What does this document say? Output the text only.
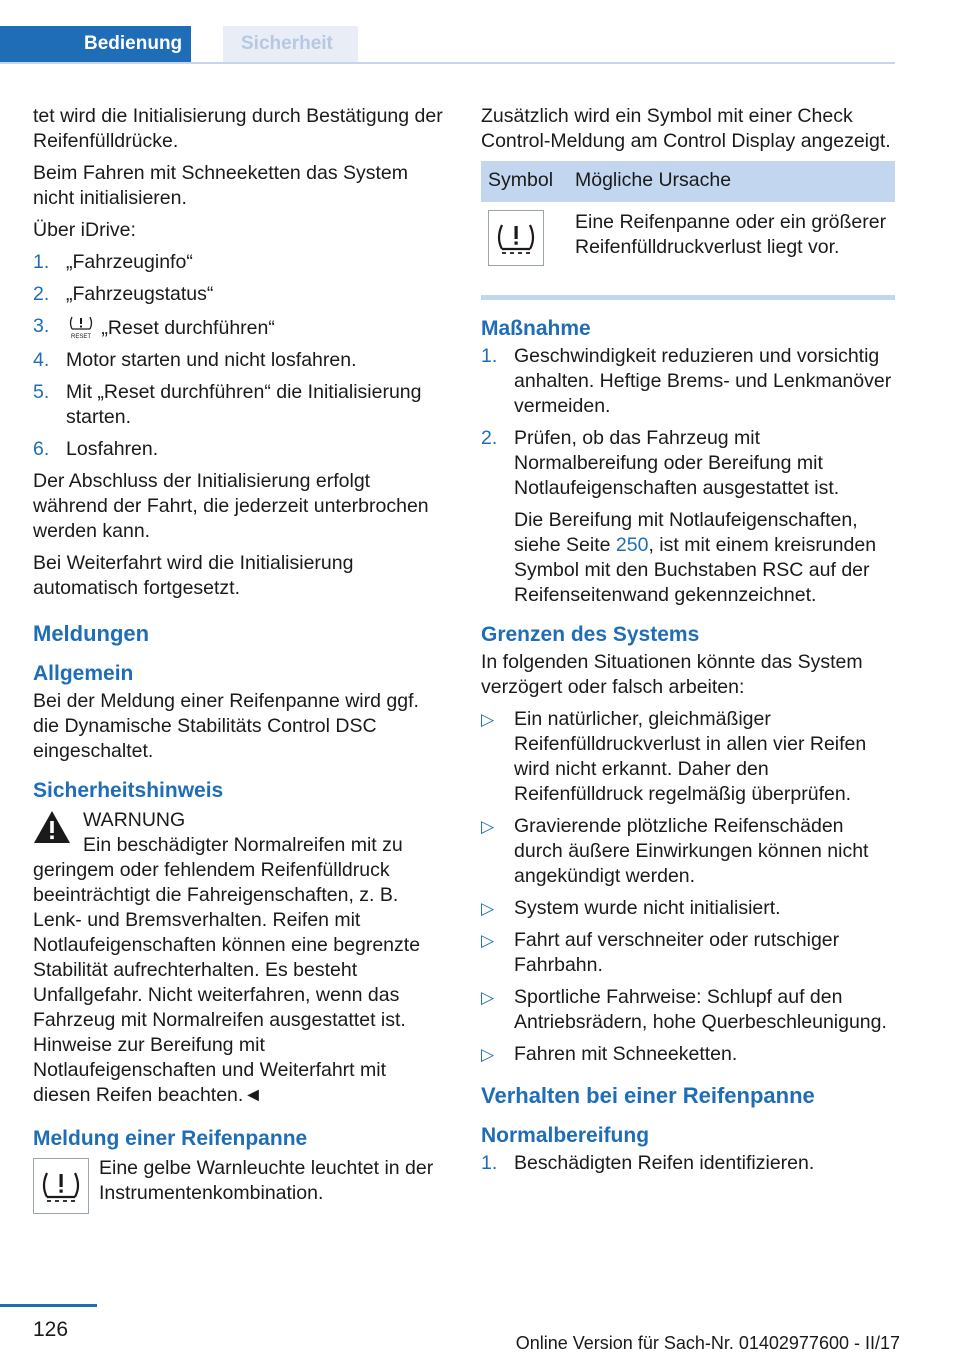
Bedienung	Sicherheit

tet wird die Initialisierung durch Bestätigung der Reifenfülldrücke.

Beim Fahren mit Schneeketten das System nicht initialisieren.

Über iDrive:

1. „Fahrzeuginfo“
2. „Fahrzeugstatus“
3.	RESET „Reset durchführen“
4. Motor starten und nicht losfahren.
5. Mit „Reset durchführen“ die Initialisierung starten.
6. Losfahren.

Der Abschluss der Initialisierung erfolgt während der Fahrt, die jederzeit unterbrochen werden kann.

Bei Weiterfahrt wird die Initialisierung automatisch fortgesetzt.

Meldungen
Allgemein

Bei der Meldung einer Reifenpanne wird ggf. die Dynamische Stabilitäts Control DSC eingeschaltet.

Sicherheitshinweis
WARNUNG

Ein beschädigter Normalreifen mit zu geringem oder fehlendem Reifenfülldruck beeinträchtigt die Fahreigenschaften, z. B. Lenk- und Bremsverhalten. Reifen mit Notlaufeigenschaften können eine begrenzte Stabilität aufrechterhalten. Es besteht Unfallgefahr. Nicht weiterfahren, wenn das Fahrzeug mit Normalreifen ausgestattet ist. Hinweise zur Bereifung mit Notlaufeigenschaften und Weiterfahrt mit diesen Reifen beachten.◄

Meldung einer Reifenpanne

Eine gelbe Warnleuchte leuchtet in der Instrumentenkombination.

Zusätzlich wird ein Symbol mit einer Check Control-Meldung am Control Display angezeigt.

Symbol	Mögliche Ursache
	Eine Reifenpanne oder ein größerer Reifenfülldruckverlust liegt vor.
Maßnahme
1. Geschwindigkeit reduzieren und vorsichtig anhalten. Heftige Brems- und Lenkmanöver vermeiden.
2. Prüfen, ob das Fahrzeug mit Normalbereifung oder Bereifung mit Notlaufeigenschaften ausgestattet ist.
Die Bereifung mit Notlaufeigenschaften, siehe Seite 250, ist mit einem kreisrunden Symbol mit den Buchstaben RSC auf der Reifenseitenwand gekennzeichnet.
Grenzen des Systems

In folgenden Situationen könnte das System verzögert oder falsch arbeiten:

▷ Ein natürlicher, gleichmäßiger Reifenfülldruckverlust in allen vier Reifen wird nicht erkannt. Daher den Reifenfülldruck regelmäßig überprüfen.
▷ Gravierende plötzliche Reifenschäden durch äußere Einwirkungen können nicht angekündigt werden.
▷ System wurde nicht initialisiert.
▷ Fahrt auf verschneiter oder rutschiger Fahrbahn.
▷ Sportliche Fahrweise: Schlupf auf den Antriebsrädern, hohe Querbeschleunigung.
▷ Fahren mit Schneeketten.
Verhalten bei einer Reifenpanne
Normalbereifung
1. Beschädigten Reifen identifizieren.
126
Online Version für Sach-Nr. 01402977600 - II/17
